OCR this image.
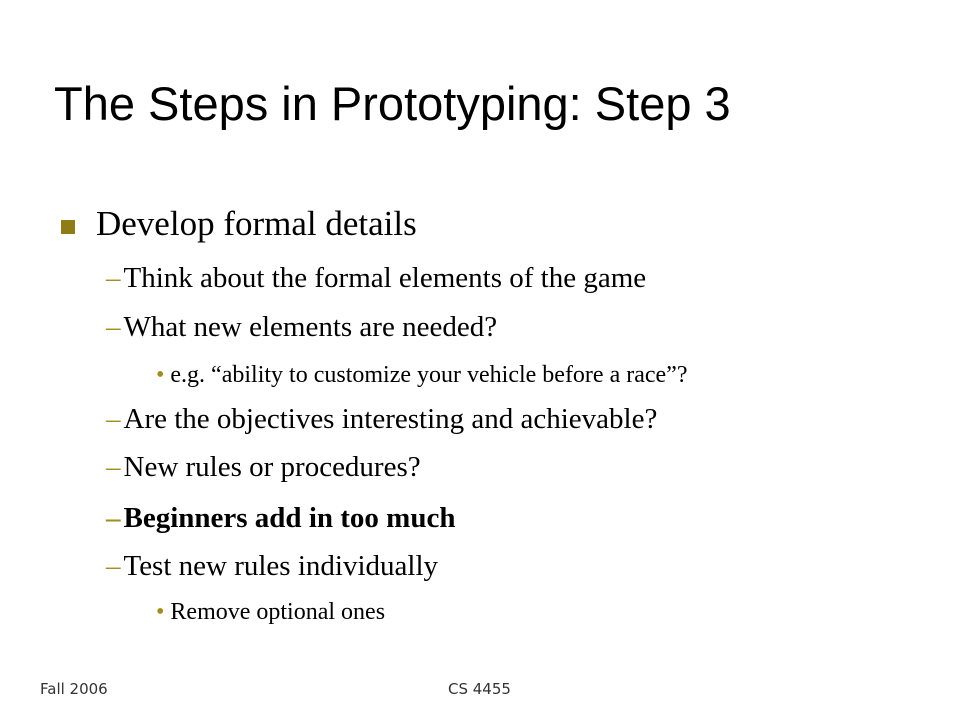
The Steps in Prototyping: Step 3
Develop formal details
– Think about the formal elements of the game
– What new elements are needed?
• e.g. “ability to customize your vehicle before a race”?
– Are the objectives interesting and achievable?
– New rules or procedures?
– Beginners add in too much
– Test new rules individually
• Remove optional ones
Fall 2006	CS 4455
